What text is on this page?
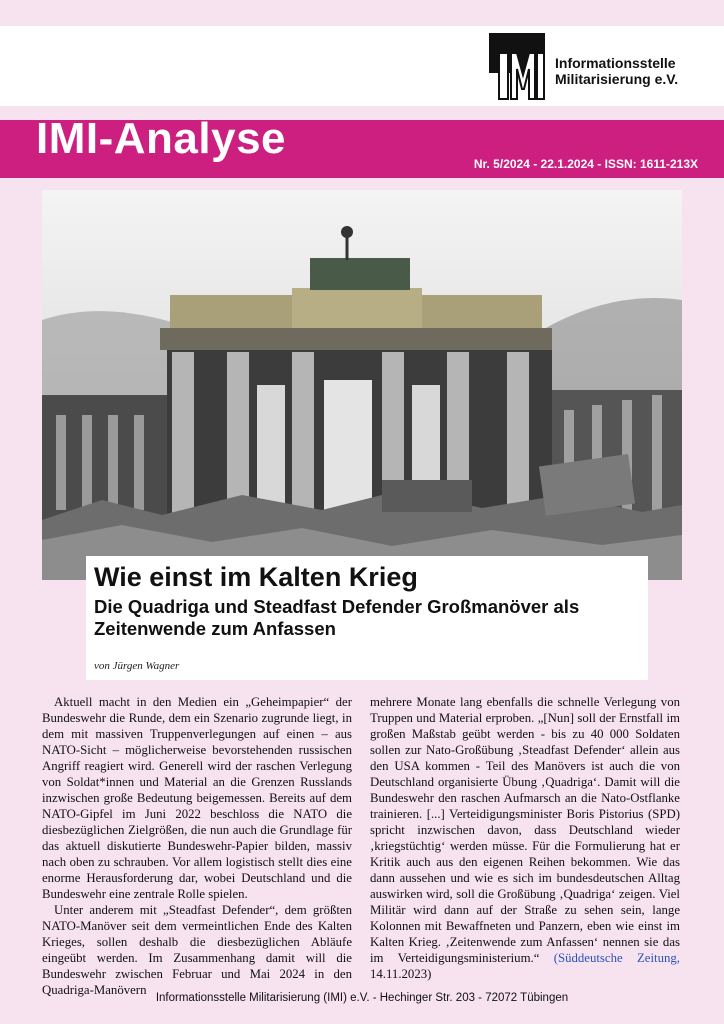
Informationsstelle
Militarisierung e.V.
IMI-Analyse
Nr. 5/2024 - 22.1.2024 - ISSN: 1611-213X
Wie einst im Kalten Krieg
Die Quadriga und Steadfast Defender Großmanöver als Zeitenwende zum Anfassen
von Jürgen Wagner

Aktuell macht in den Medien ein „Geheimpapier“ der Bundeswehr die Runde, dem ein Szenario zugrunde liegt, in dem mit massiven Truppenverlegungen auf einen – aus NATO-Sicht – möglicherweise bevorstehenden russischen Angriff reagiert wird. Generell wird der raschen Verlegung von Soldat*innen und Material an die Grenzen Russlands inzwischen große Bedeutung beigemessen. Bereits auf dem NATO-Gipfel im Juni 2022 beschloss die NATO die diesbezüglichen Zielgrößen, die nun auch die Grundlage für das aktuell diskutierte Bundeswehr-Papier bilden, massiv nach oben zu schrauben. Vor allem logistisch stellt dies eine enorme Herausforderung dar, wobei Deutschland und die Bundeswehr eine zentrale Rolle spielen.

Unter anderem mit „Steadfast Defender“, dem größten NATO-Manöver seit dem vermeintlichen Ende des Kalten Krieges, sollen deshalb die diesbezüglichen Abläufe eingeübt werden. Im Zusammenhang damit will die Bundeswehr zwischen Februar und Mai 2024 in den Quadriga-Manövern

mehrere Monate lang ebenfalls die schnelle Verlegung von Truppen und Material erproben. „[Nun] soll der Ernstfall im großen Maßstab geübt werden - bis zu 40 000 Soldaten sollen zur Nato-Großübung ‚Steadfast Defender‘ allein aus den USA kommen - Teil des Manövers ist auch die von Deutschland organisierte Übung ‚Quadriga‘. Damit will die Bundeswehr den raschen Aufmarsch an die Nato-Ostflanke trainieren. [...] Verteidigungsminister Boris Pistorius (SPD) spricht inzwischen davon, dass Deutschland wieder ‚kriegstüchtig‘ werden müsse. Für die Formulierung hat er Kritik auch aus den eigenen Reihen bekommen. Wie das dann aussehen und wie es sich im bundesdeutschen Alltag auswirken wird, soll die Großübung ‚Quadriga‘ zeigen. Viel Militär wird dann auf der Straße zu sehen sein, lange Kolonnen mit Bewaffneten und Panzern, eben wie einst im Kalten Krieg. ‚Zeitenwende zum Anfassen‘ nennen sie das im Verteidigungsministerium.“ (Süddeutsche Zeitung, 14.11.2023)

Informationsstelle Militarisierung (IMI) e.V. - Hechinger Str. 203 - 72072 Tübingen
